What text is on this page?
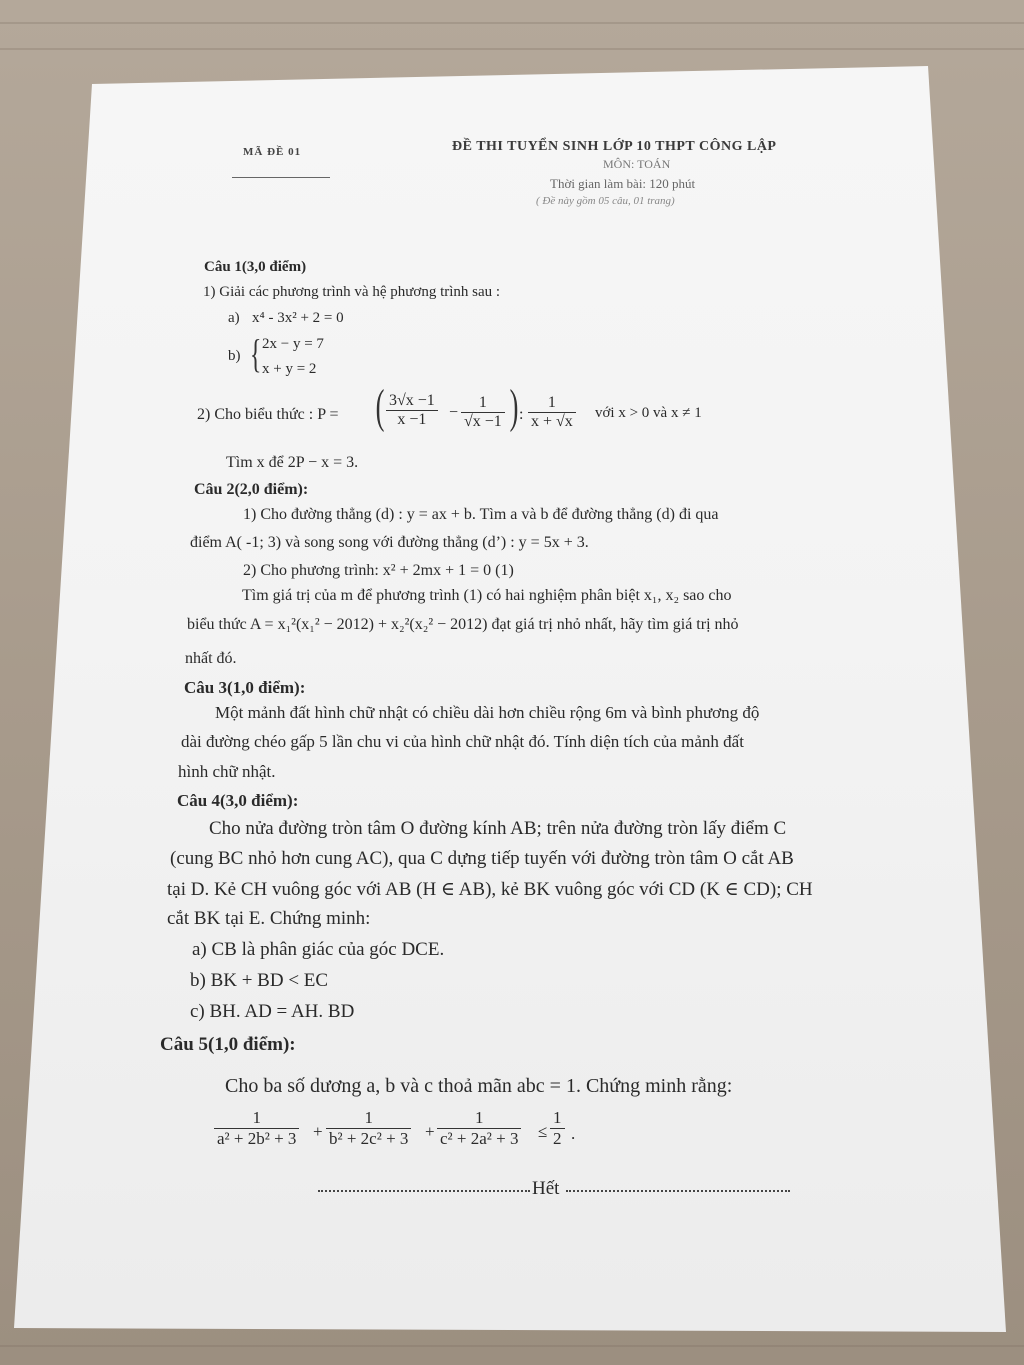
MÃ ĐỀ 01	ĐỀ THI TUYỂN SINH LỚP 10 THPT CÔNG LẬP
MÔN: TOÁN
Thời gian làm bài: 120 phút
( Đề này gồm 05 câu, 01 trang)
Câu 1(3,0 điểm)
1) Giải các phương trình và hệ phương trình sau :
a) x⁴ - 3x² + 2 = 0
b) { 2x − y = 7
x + y = 2
2) Cho biểu thức : P = ( $\frac{3√x -1}{x -1} - \frac{1}{√x -1}$ ) : $\frac{1}{x + √x}$ với x > 0 và x ≠ 1
Tìm x để 2P − x = 3.
Câu 2(2,0 điểm):
1) Cho đường thẳng (d) : y = ax + b. Tìm a và b để đường thẳng (d) đi qua
điểm A( -1; 3) và song song với đường thẳng (d’) : y = 5x + 3.
2) Cho phương trình: x² + 2mx + 1 = 0 (1)
Tìm giá trị của m để phương trình (1) có hai nghiệm phân biệt x₁, x₂ sao cho
biểu thức A = x₁²(x₁² − 2012) + x₂²(x₂² − 2012) đạt giá trị nhỏ nhất, hãy tìm giá trị nhỏ
nhất đó.
Câu 3(1,0 điểm):
Một mảnh đất hình chữ nhật có chiều dài hơn chiều rộng 6m và bình phương độ
dài đường chéo gấp 5 lần chu vi của hình chữ nhật đó. Tính diện tích của mảnh đất
hình chữ nhật.
Câu 4(3,0 điểm):
Cho nửa đường tròn tâm O đường kính AB; trên nửa đường tròn lấy điểm C
(cung BC nhỏ hơn cung AC), qua C dựng tiếp tuyến với đường tròn tâm O cắt AB
tại D. Kẻ CH vuông góc với AB (H ∈ AB), kẻ BK vuông góc với CD (K ∈ CD); CH
cắt BK tại E. Chứng minh:
a) CB là phân giác của góc DCE.
b) BK + BD < EC
c) BH. AD = AH. BD
Câu 5(1,0 điểm):
Cho ba số dương a, b và c thoả mãn abc = 1. Chứng minh rằng:
$\frac{1}{\text{a² + 2b² + 3}} + \frac{1}{\text{b² + 2c² + 3}} + \frac{1}{\text{c² + 2a² + 3}} \le \frac{1}{2}$ .
Hết
